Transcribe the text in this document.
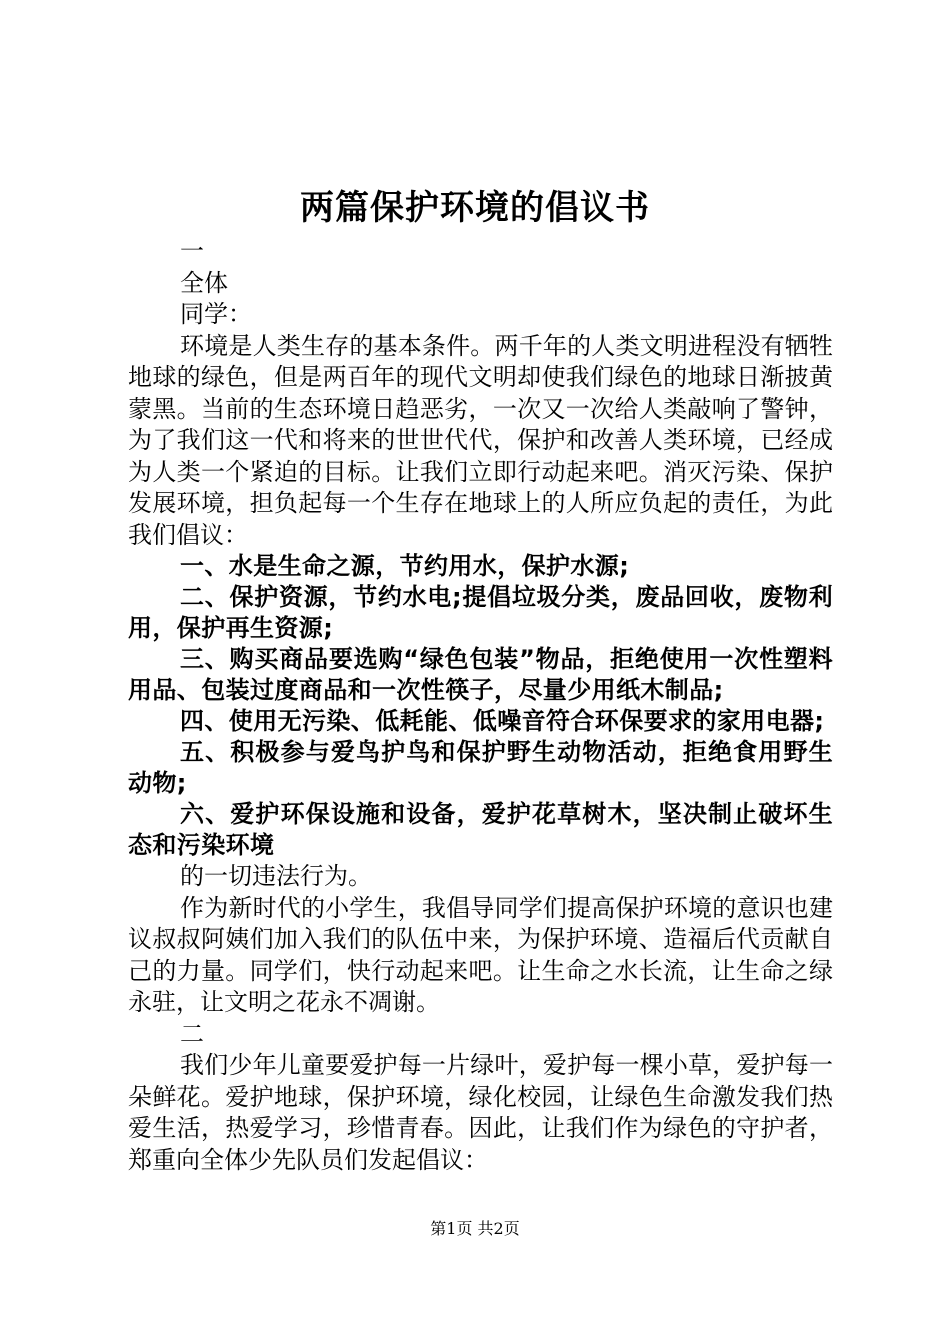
两篇保护环境的倡议书

一

全体

同学：

环境是人类生存的基本条件。两千年的人类文明进程没有牺牲地球的绿色，但是两百年的现代文明却使我们绿色的地球日渐披黄蒙黑。当前的生态环境日趋恶劣，一次又一次给人类敲响了警钟，为了我们这一代和将来的世世代代，保护和改善人类环境，已经成为人类一个紧迫的目标。让我们立即行动起来吧。消灭污染、保护发展环境，担负起每一个生存在地球上的人所应负起的责任，为此我们倡议：

一、水是生命之源，节约用水，保护水源;

二、保护资源，节约水电;提倡垃圾分类，废品回收，废物利用，保护再生资源;

三、购买商品要选购“绿色包装”物品，拒绝使用一次性塑料用品、包装过度商品和一次性筷子，尽量少用纸木制品;

四、使用无污染、低耗能、低噪音符合环保要求的家用电器;

五、积极参与爱鸟护鸟和保护野生动物活动，拒绝食用野生动物;

六、爱护环保设施和设备，爱护花草树木，坚决制止破坏生态和污染环境

的一切违法行为。

作为新时代的小学生，我倡导同学们提高保护环境的意识也建议叔叔阿姨们加入我们的队伍中来，为保护环境、造福后代贡献自己的力量。同学们，快行动起来吧。让生命之水长流，让生命之绿永驻，让文明之花永不凋谢。

二

我们少年儿童要爱护每一片绿叶，爱护每一棵小草，爱护每一朵鲜花。爱护地球，保护环境，绿化校园，让绿色生命激发我们热爱生活，热爱学习，珍惜青春。因此，让我们作为绿色的守护者，郑重向全体少先队员们发起倡议：

第1页 共2页
